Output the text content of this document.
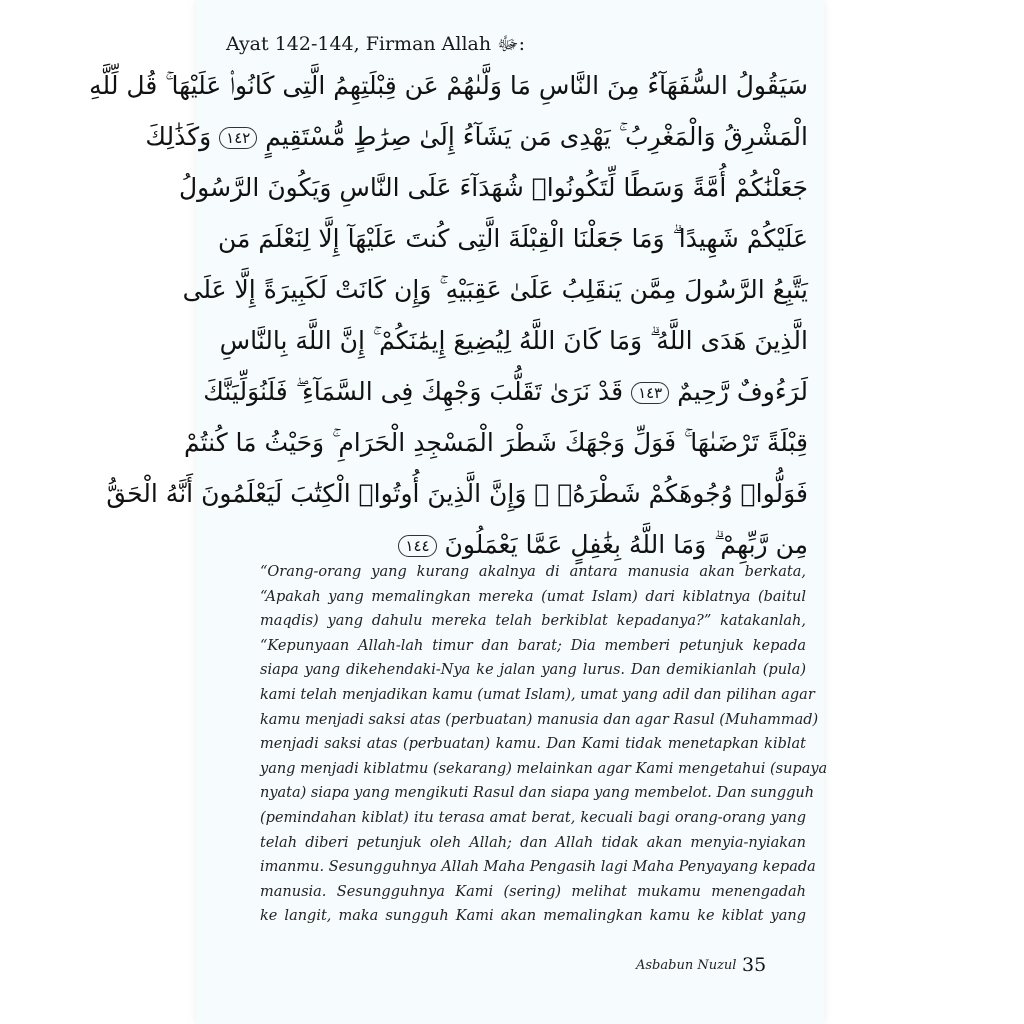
Ayat 142-144, Firman Allah ﷻ:
سَيَقُولُ السُّفَهَآءُ مِنَ النَّاسِ مَا وَلَّىٰهُمْ عَن قِبْلَتِهِمُ الَّتِى كَانُوا۟ عَلَيْهَا ۚ قُل لِّلَّهِ
الْمَشْرِقُ وَالْمَغْرِبُ ۚ يَهْدِى مَن يَشَآءُ إِلَىٰ صِرَٰطٍ مُّسْتَقِيمٍ ١٤٢ وَكَذَٰلِكَ
جَعَلْنَٰكُمْ أُمَّةً وَسَطًا لِّتَكُونُوا۟ شُهَدَآءَ عَلَى النَّاسِ وَيَكُونَ الرَّسُولُ
عَلَيْكُمْ شَهِيدًا ۗ وَمَا جَعَلْنَا الْقِبْلَةَ الَّتِى كُنتَ عَلَيْهَآ إِلَّا لِنَعْلَمَ مَن
يَتَّبِعُ الرَّسُولَ مِمَّن يَنقَلِبُ عَلَىٰ عَقِبَيْهِ ۚ وَإِن كَانَتْ لَكَبِيرَةً إِلَّا عَلَى
الَّذِينَ هَدَى اللَّهُ ۗ وَمَا كَانَ اللَّهُ لِيُضِيعَ إِيمَٰنَكُمْ ۚ إِنَّ اللَّهَ بِالنَّاسِ
لَرَءُوفٌ رَّحِيمٌ ١٤٣ قَدْ نَرَىٰ تَقَلُّبَ وَجْهِكَ فِى السَّمَآءِ ۖ فَلَنُوَلِّيَنَّكَ
قِبْلَةً تَرْضَىٰهَا ۚ فَوَلِّ وَجْهَكَ شَطْرَ الْمَسْجِدِ الْحَرَامِ ۚ وَحَيْثُ مَا كُنتُمْ
فَوَلُّوا۟ وُجُوهَكُمْ شَطْرَهُۥ ۗ وَإِنَّ الَّذِينَ أُوتُوا۟ الْكِتَٰبَ لَيَعْلَمُونَ أَنَّهُ الْحَقُّ
مِن رَّبِّهِمْ ۗ وَمَا اللَّهُ بِغَٰفِلٍ عَمَّا يَعْمَلُونَ ١٤٤
“Orang-orang yang kurang akalnya di antara manusia akan berkata,
“Apakah yang memalingkan mereka (umat Islam) dari kiblatnya (baitul
maqdis) yang dahulu mereka telah berkiblat kepadanya?” katakanlah,
“Kepunyaan Allah-lah timur dan barat; Dia memberi petunjuk kepada
siapa yang dikehendaki-Nya ke jalan yang lurus. Dan demikianlah (pula)
kami telah menjadikan kamu (umat Islam), umat yang adil dan pilihan agar
kamu menjadi saksi atas (perbuatan) manusia dan agar Rasul (Muhammad)
menjadi saksi atas (perbuatan) kamu. Dan Kami tidak menetapkan kiblat
yang menjadi kiblatmu (sekarang) melainkan agar Kami mengetahui (supaya
nyata) siapa yang mengikuti Rasul dan siapa yang membelot. Dan sungguh
(pemindahan kiblat) itu terasa amat berat, kecuali bagi orang-orang yang
telah diberi petunjuk oleh Allah; dan Allah tidak akan menyia-nyiakan
imanmu. Sesungguhnya Allah Maha Pengasih lagi Maha Penyayang kepada
manusia. Sesungguhnya Kami (sering) melihat mukamu menengadah
ke langit, maka sungguh Kami akan memalingkan kamu ke kiblat yang
Asbabun Nuzul 35
